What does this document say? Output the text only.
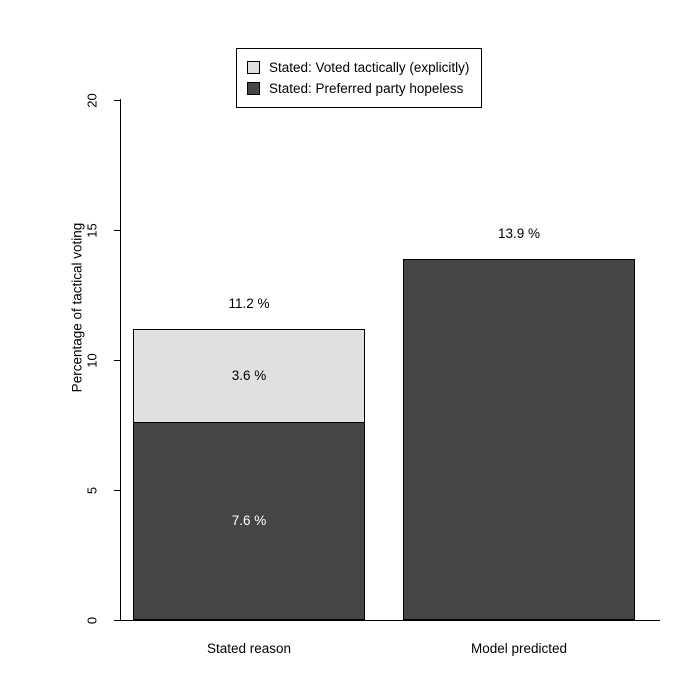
0
5
10
15
20
Percentage of tactical voting
7.6 %
3.6 %
11.2 %
13.9 %
Stated reason	Model predicted
Stated: Voted tactically (explicitly)
Stated: Preferred party hopeless
